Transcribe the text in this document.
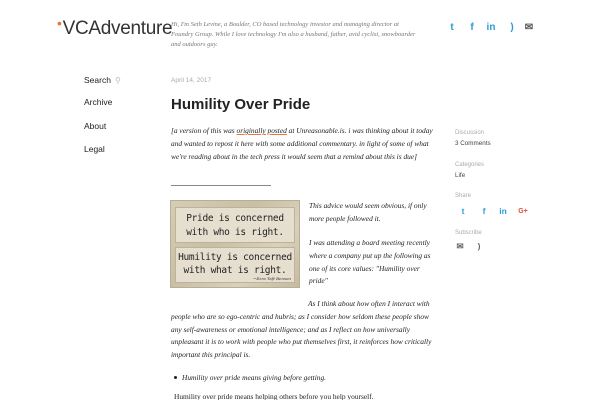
•VCAdventure
Hi, I'm Seth Levine, a Boulder, CO based technology investor and managing director at Foundry Group. While I love technology I'm also a husband, father, avid cyclist, snowboarder and outdoors guy.
t	f	in	)	✉
Search ⚲
Archive
About
Legal
April 14, 2017
Humility Over Pride
[a version of this was originally posted at Unreasonable.is. i was thinking about it today and wanted to repost it here with some additional commentary. in light of some of what we're reading about in the tech press it would seem that a remind about this is due]
Pride is concerned
with who is right.
Humility is concerned
with what is right.
~Ezra Taft Benson

This advice would seem obvious, if only more people followed it.

I was attending a board meeting recently where a company put up the following as one of its core values: "Humility over pride"

As I think about how often I interact with people who are so ego-centric and hubris; as I consider how seldom these people show any self-awareness or emotional intelligence; and as I reflect on how universally unpleasant it is to work with people who put themselves first, it reinforces how critically important this principal is.

Humility over pride means giving before getting.
Humility over pride means helping others before you help yourself.
Discussion
3 Comments
Categories
Life
Share
t	f	in	G+
Subscribe
✉	)
